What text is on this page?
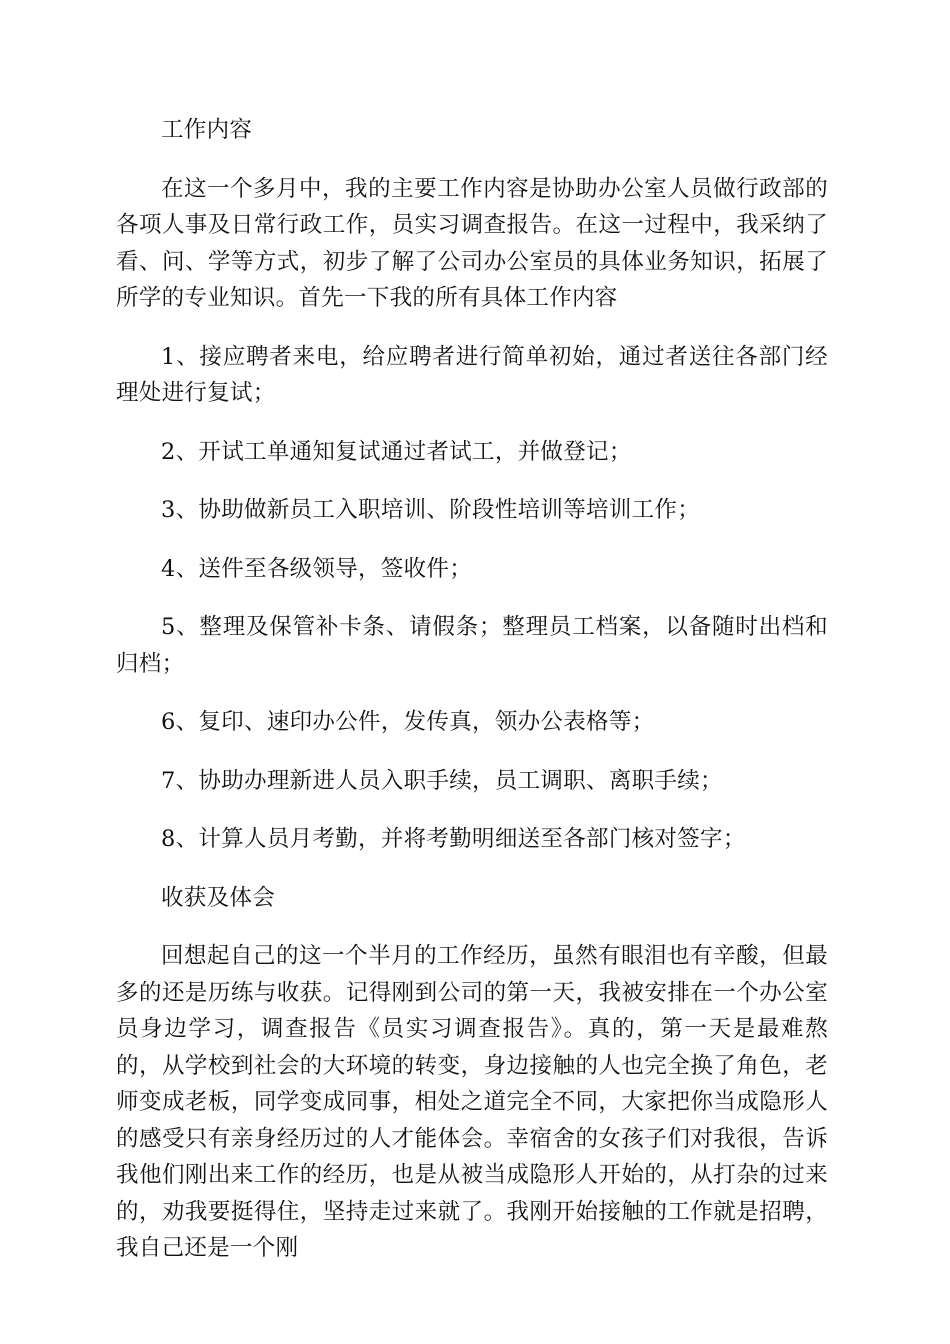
工作内容

在这一个多月中，我的主要工作内容是协助办公室人员做行政部的各项人事及日常行政工作，员实习调查报告。在这一过程中，我采纳了看、问、学等方式，初步了解了公司办公室员的具体业务知识，拓展了所学的专业知识。首先一下我的所有具体工作内容

1、接应聘者来电，给应聘者进行简单初始，通过者送往各部门经理处进行复试；

2、开试工单通知复试通过者试工，并做登记；

3、协助做新员工入职培训、阶段性培训等培训工作；

4、送件至各级领导，签收件；

5、整理及保管补卡条、请假条；整理员工档案，以备随时出档和归档；

6、复印、速印办公件，发传真，领办公表格等；

7、协助办理新进人员入职手续，员工调职、离职手续；

8、计算人员月考勤，并将考勤明细送至各部门核对签字；

收获及体会

回想起自己的这一个半月的工作经历，虽然有眼泪也有辛酸，但最多的还是历练与收获。记得刚到公司的第一天，我被安排在一个办公室员身边学习，调查报告《员实习调查报告》。真的，第一天是最难熬的，从学校到社会的大环境的转变，身边接触的人也完全换了角色，老师变成老板，同学变成同事，相处之道完全不同，大家把你当成隐形人的感受只有亲身经历过的人才能体会。幸宿舍的女孩子们对我很，告诉我他们刚出来工作的经历，也是从被当成隐形人开始的，从打杂的过来的，劝我要挺得住，坚持走过来就了。我刚开始接触的工作就是招聘，我自己还是一个刚
